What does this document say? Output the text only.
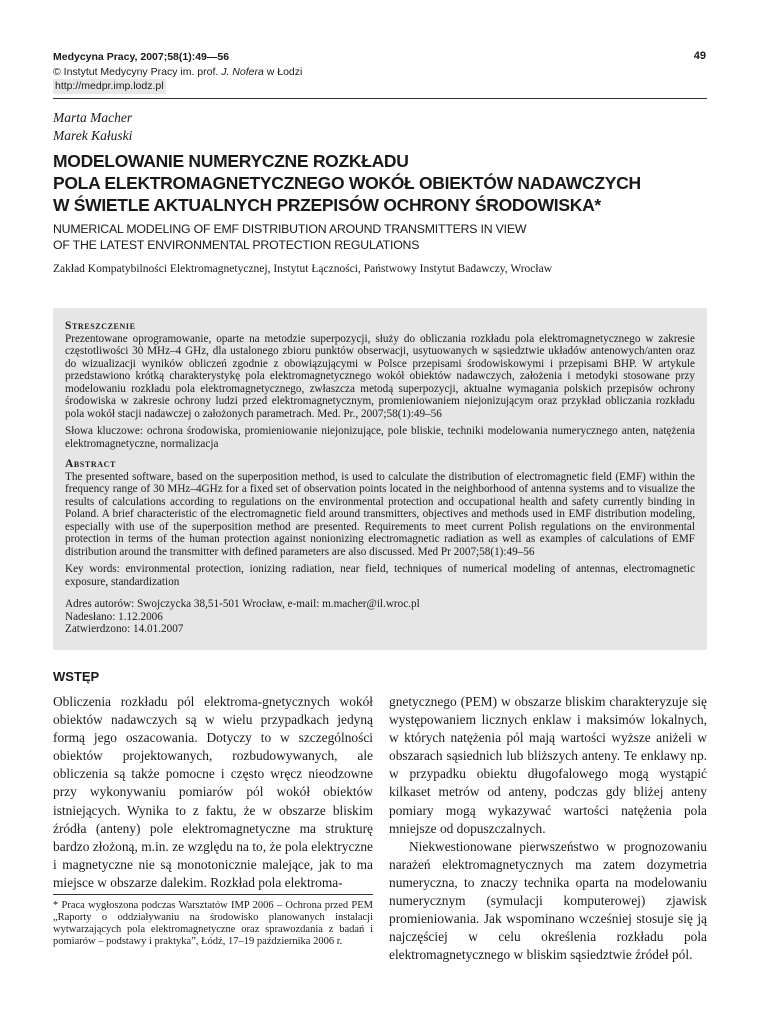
Medycyna Pracy, 2007;58(1):49—56
© Instytut Medycyny Pracy im. prof. J. Nofera w Łodzi
http://medpr.imp.lodz.pl
49
Marta Macher
Marek Kałuski
MODELOWANIE NUMERYCZNE ROZKŁADU
POLA ELEKTROMAGNETYCZNEGO WOKÓŁ OBIEKTÓW NADAWCZYCH
W ŚWIETLE AKTUALNYCH PRZEPISÓW OCHRONY ŚRODOWISKA*
NUMERICAL MODELING OF EMF DISTRIBUTION AROUND TRANSMITTERS IN VIEW
OF THE LATEST ENVIRONMENTAL PROTECTION REGULATIONS
Zakład Kompatybilności Elektromagnetycznej, Instytut Łączności, Państwowy Instytut Badawczy, Wrocław
Streszczenie

Prezentowane oprogramowanie, oparte na metodzie superpozycji, służy do obliczania rozkładu pola elektromagnetycznego w zakresie częstotliwości 30 MHz–4 GHz, dla ustalonego zbioru punktów obserwacji, usytuowanych w sąsiedztwie układów antenowych/anten oraz do wizualizacji wyników obliczeń zgodnie z obowiązującymi w Polsce przepisami środowiskowymi i przepisami BHP. W artykule przedstawiono krótką charakterystykę pola elektromagnetycznego wokół obiektów nadawczych, założenia i metodyki stosowane przy modelowaniu rozkładu pola elektromagnetycznego, zwłaszcza metodą superpozycji, aktualne wymagania polskich przepisów ochrony środowiska w zakresie ochrony ludzi przed elektromagnetycznym, promieniowaniem niejonizującym oraz przykład obliczania rozkładu pola wokół stacji nadawczej o założonych parametrach. Med. Pr., 2007;58(1):49–56

Słowa kluczowe: ochrona środowiska, promieniowanie niejonizujące, pole bliskie, techniki modelowania numerycznego anten, natężenia elektromagnetyczne, normalizacja

Abstract

The presented software, based on the superposition method, is used to calculate the distribution of electromagnetic field (EMF) within the frequency range of 30 MHz–4GHz for a fixed set of observation points located in the neighborhood of antenna systems and to visualize the results of calculations according to regulations on the environmental protection and occupational health and safety currently binding in Poland. A brief characteristic of the electromagnetic field around transmitters, objectives and methods used in EMF distribution modeling, especially with use of the superposition method are presented. Requirements to meet current Polish regulations on the environmental protection in terms of the human protection against nonionizing electromagnetic radiation as well as examples of calculations of EMF distribution around the transmitter with defined parameters are also discussed. Med Pr 2007;58(1):49–56

Key words: environmental protection, ionizing radiation, near field, techniques of numerical modeling of antennas, electromagnetic exposure, standardization

Adres autorów: Swojczycka 38,51-501 Wrocław, e-mail: m.macher@il.wroc.pl

Nadesłano: 1.12.2006

Zatwierdzono: 14.01.2007

WSTĘP

Obliczenia rozkładu pól elektroma-gnetycznych wokół obiektów nadawczych są w wielu przypadkach jedyną formą jego oszacowania. Dotyczy to w szczególności obiektów projektowanych, rozbudowywanych, ale obliczenia są także pomocne i często wręcz nieodzowne przy wykonywaniu pomiarów pól wokół obiektów istniejących. Wynika to z faktu, że w obszarze bliskim źródła (anteny) pole elektromagnetyczne ma strukturę bardzo złożoną, m.in. ze względu na to, że pola elektryczne i magnetyczne nie są monotonicznie malejące, jak to ma miejsce w obszarze dalekim. Rozkład pola elektroma-

gnetycznego (PEM) w obszarze bliskim charakteryzuje się występowaniem licznych enklaw i maksimów lokalnych, w których natężenia pól mają wartości wyższe aniżeli w obszarach sąsiednich lub bliższych anteny. Te enklawy np. w przypadku obiektu długofalowego mogą wystąpić kilkaset metrów od anteny, podczas gdy bliżej anteny pomiary mogą wykazywać wartości natężenia pola mniejsze od dopuszczalnych.

Niekwestionowane pierwszeństwo w prognozowaniu narażeń elektromagnetycznych ma zatem dozymetria numeryczna, to znaczy technika oparta na modelowaniu numerycznym (symulacji komputerowej) zjawisk promieniowania. Jak wspominano wcześniej stosuje się ją najczęściej w celu określenia rozkładu pola elektromagnetycznego w bliskim sąsiedztwie źródeł pól.

* Praca wygłoszona podczas Warsztatów IMP 2006 – Ochrona przed PEM „Raporty o oddziaływaniu na środowisko planowanych instalacji wytwarzających pola elektromagnetyczne oraz sprawozdania z badań i pomiarów – podstawy i praktyka”, Łódź, 17–19 października 2006 r.
